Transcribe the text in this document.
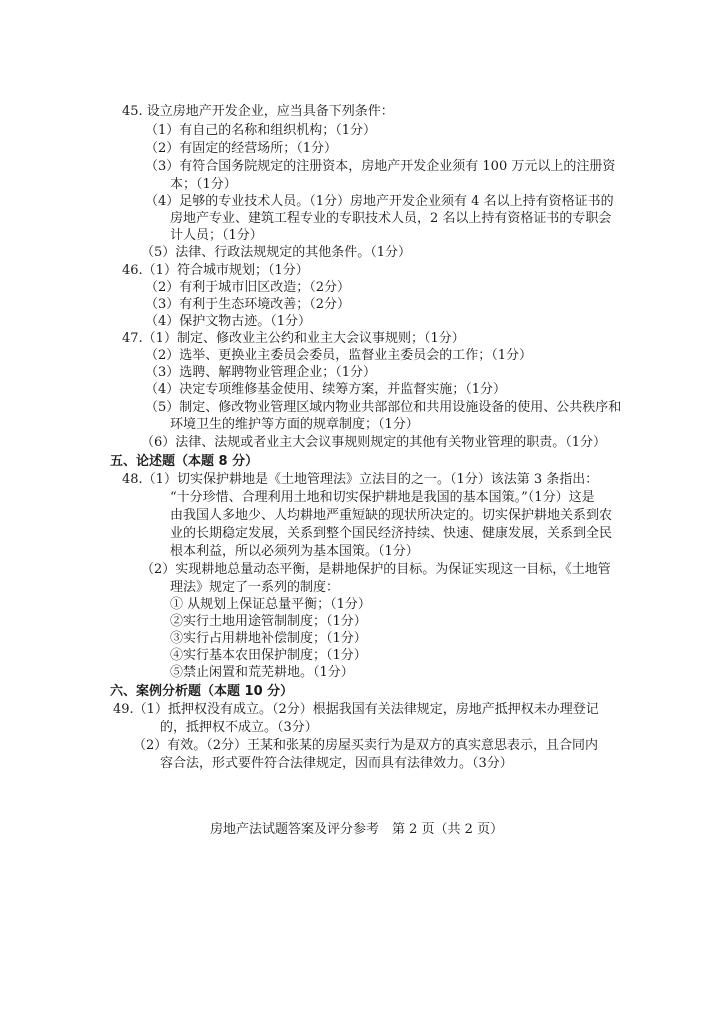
45. 设立房地产开发企业，应当具备下列条件：
（1）有自己的名称和组织机构；（1分）
（2）有固定的经营场所；（1分）
（3）有符合国务院规定的注册资本，房地产开发企业须有 100 万元以上的注册资
本；（1分）
（4）足够的专业技术人员。（1分）房地产开发企业须有 4 名以上持有资格证书的
房地产专业、建筑工程专业的专职技术人员，2 名以上持有资格证书的专职会
计人员；（1分）
（5）法律、行政法规规定的其他条件。（1分）
46.（1）符合城市规划；（1分）
（2）有利于城市旧区改造；（2分）
（3）有利于生态环境改善；（2分）
（4）保护文物古迹。（1分）
47.（1）制定、修改业主公约和业主大会议事规则；（1分）
（2）选举、更换业主委员会委员，监督业主委员会的工作；（1分）
（3）选聘、解聘物业管理企业；（1分）
（4）决定专项维修基金使用、续筹方案，并监督实施；（1分）
（5）制定、修改物业管理区域内物业共部部位和共用设施设备的使用、公共秩序和
环境卫生的维护等方面的规章制度；（1分）
（6）法律、法规或者业主大会议事规则规定的其他有关物业管理的职责。（1分）
五、论述题（本题 8 分）
48.（1）切实保护耕地是《土地管理法》立法目的之一。（1分）该法第 3 条指出：
“十分珍惜、合理利用土地和切实保护耕地是我国的基本国策。”（1分）这是
由我国人多地少、人均耕地严重短缺的现状所决定的。切实保护耕地关系到农
业的长期稳定发展，关系到整个国民经济持续、快速、健康发展，关系到全民
根本利益，所以必须列为基本国策。（1分）
（2）实现耕地总量动态平衡，是耕地保护的目标。为保证实现这一目标，《土地管
理法》规定了一系列的制度：
① 从规划上保证总量平衡；（1分）
②实行土地用途管制制度；（1分）
③实行占用耕地补偿制度；（1分）
④实行基本农田保护制度；（1分）
⑤禁止闲置和荒芜耕地。（1分）
六、案例分析题（本题 10 分）
49.（1）抵押权没有成立。（2分）根据我国有关法律规定，房地产抵押权未办理登记
的，抵押权不成立。（3分）
（2）有效。（2分）王某和张某的房屋买卖行为是双方的真实意思表示，且合同内
容合法，形式要件符合法律规定，因而具有法律效力。（3分）
房地产法试题答案及评分参考　第 2 页（共 2 页）
